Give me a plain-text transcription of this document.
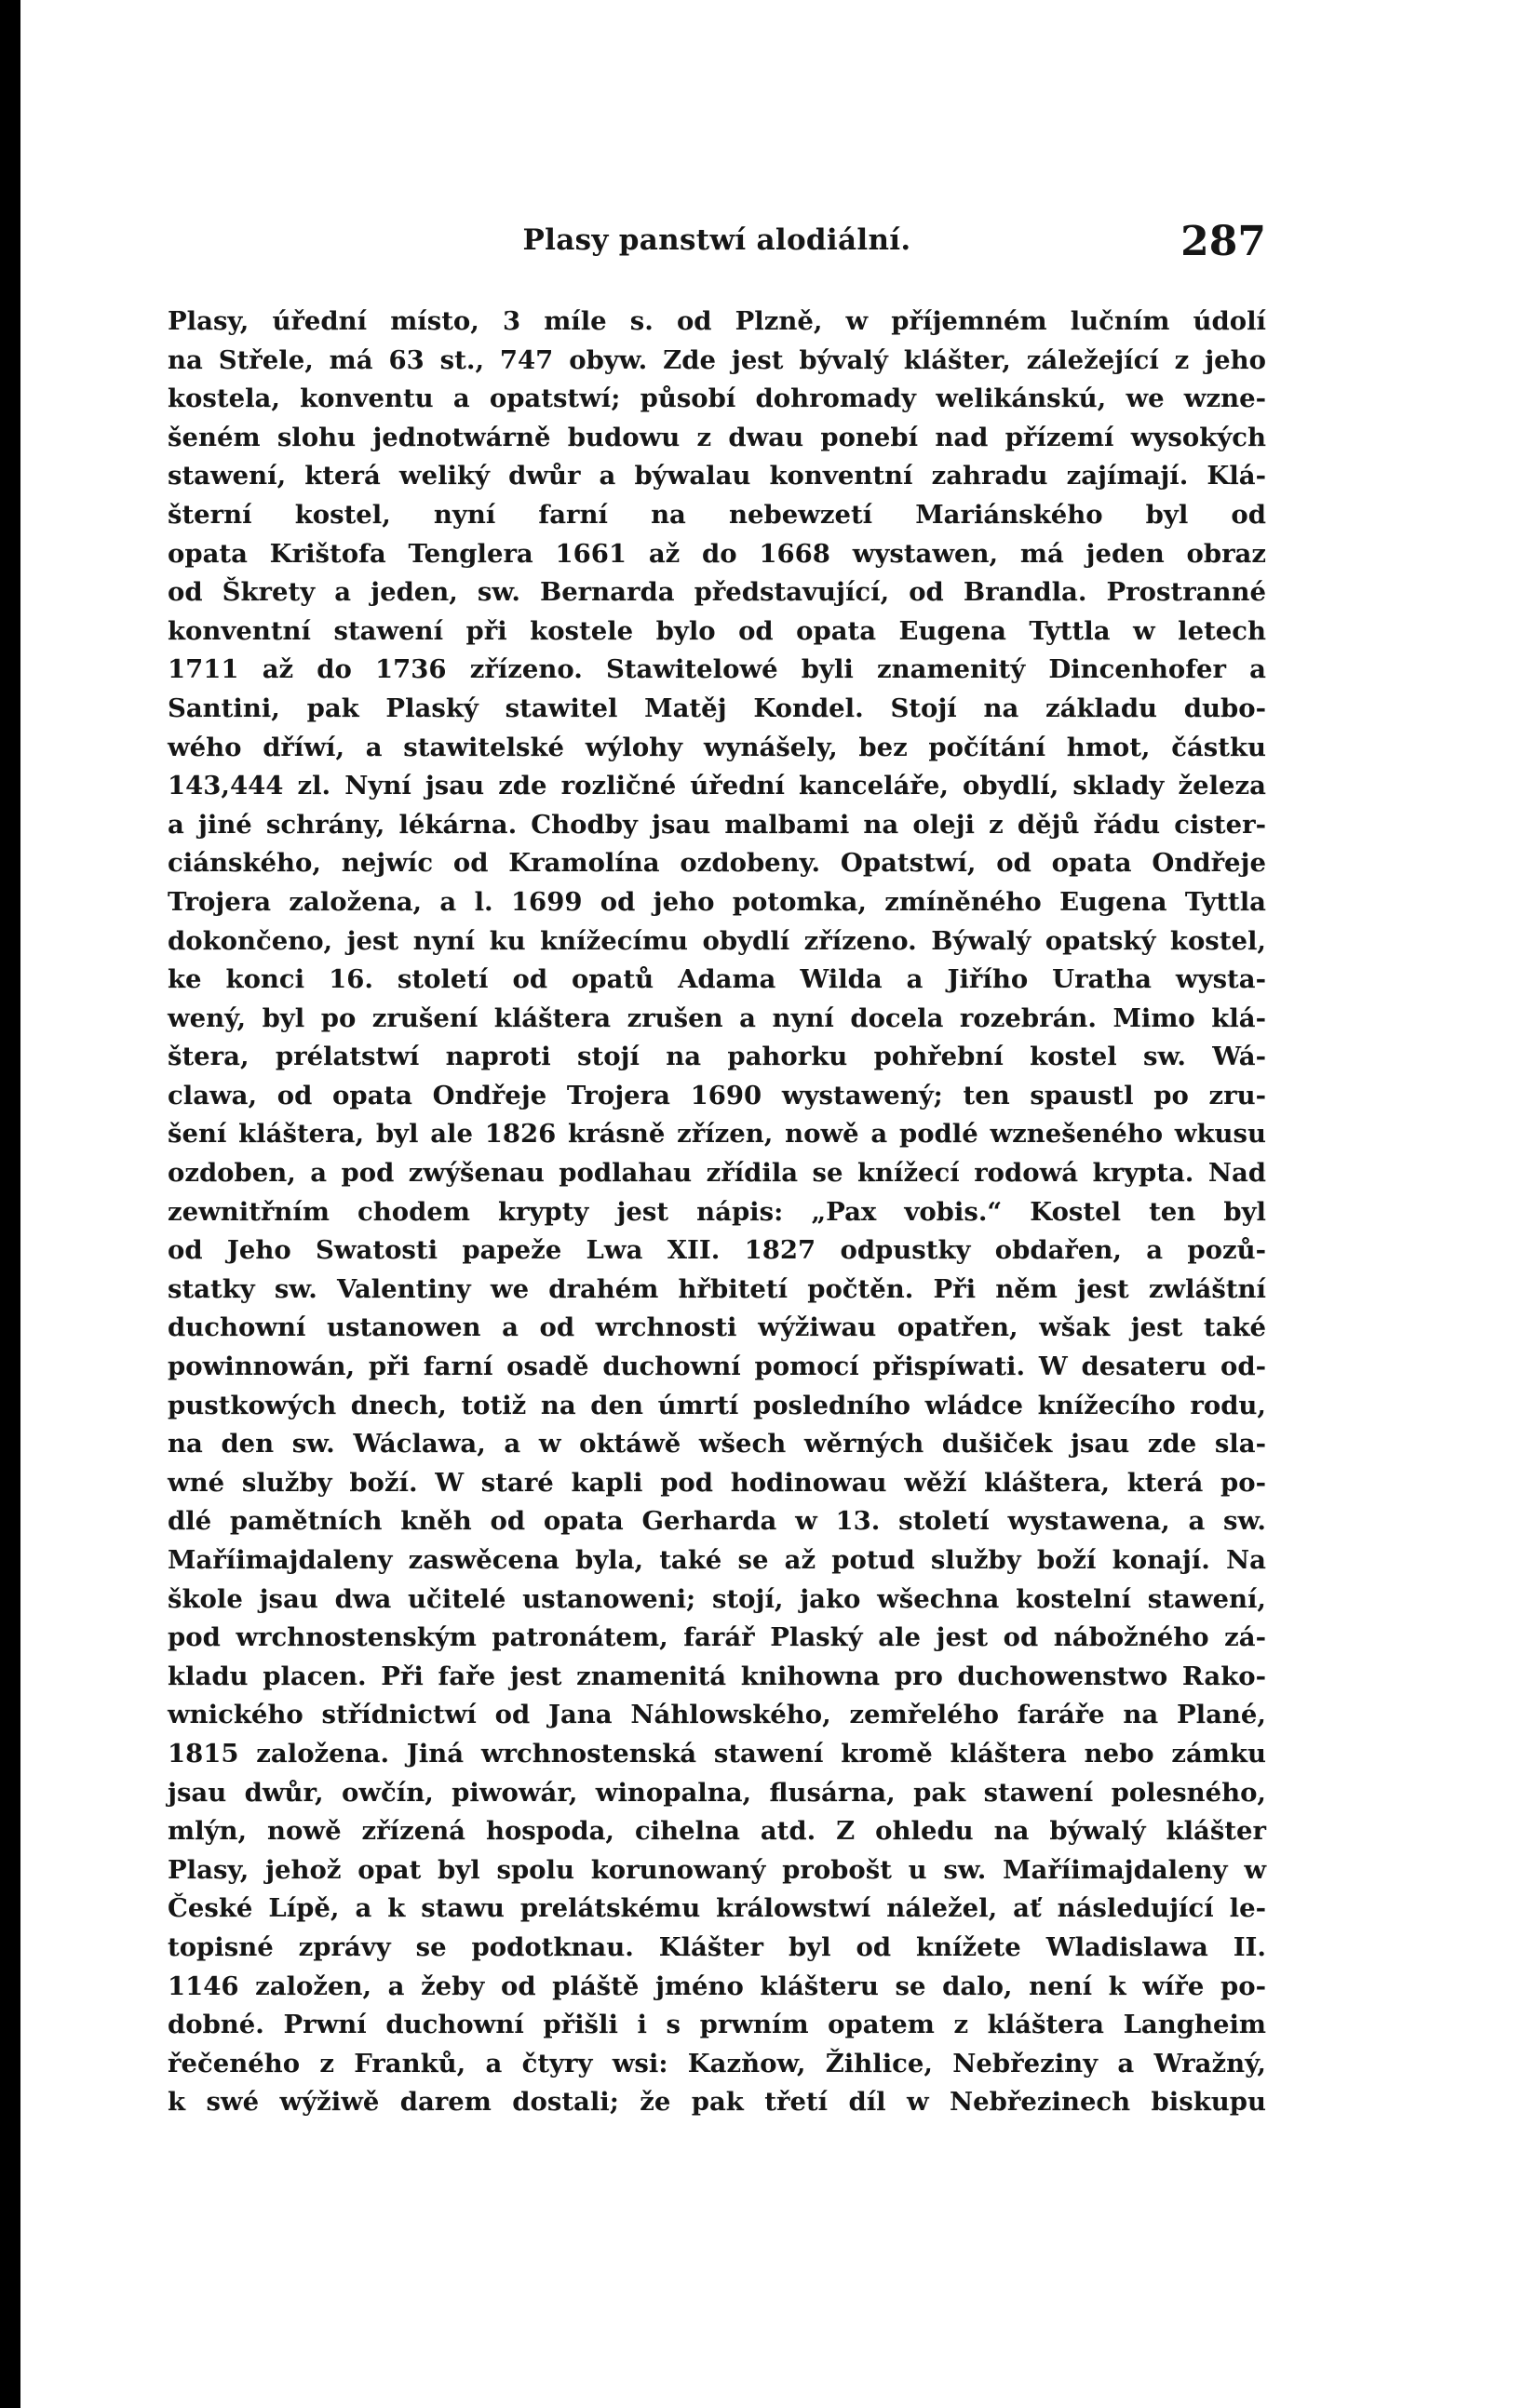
Plasy panstwí alodiální.	287
Plasy, úřední místo, 3 míle s. od Plzně, w příjemném lučním údolí
na Střele, má 63 st., 747 obyw. Zde jest bývalý klášter, záležející z jeho
kostela, konventu a opatstwí; působí dohromady welikánskú, we wzne-
šeném slohu jednotwárně budowu z dwau ponebí nad přízemí wysokých
stawení, která weliký dwůr a býwalau konventní zahradu zajímají. Klá-
šterní kostel, nyní farní na nebewzetí Mariánského byl od
opata Krištofa Tenglera 1661 až do 1668 wystawen, má jeden obraz
od Škrety a jeden, sw. Bernarda představující, od Brandla. Prostranné
konventní stawení při kostele bylo od opata Eugena Tyttla w letech
1711 až do 1736 zřízeno. Stawitelowé byli znamenitý Dincenhofer a
Santini, pak Plaský stawitel Matěj Kondel. Stojí na základu dubo-
wého dříwí, a stawitelské wýlohy wynášely, bez počítání hmot, částku
143,444 zl. Nyní jsau zde rozličné úřední kanceláře, obydlí, sklady železa
a jiné schrány, lékárna. Chodby jsau malbami na oleji z dějů řádu cister-
ciánského, nejwíc od Kramolína ozdobeny. Opatstwí, od opata Ondřeje
Trojera založena, a l. 1699 od jeho potomka, zmíněného Eugena Tyttla
dokončeno, jest nyní ku knížecímu obydlí zřízeno. Býwalý opatský kostel,
ke konci 16. století od opatů Adama Wilda a Jiřího Uratha wysta-
wený, byl po zrušení kláštera zrušen a nyní docela rozebrán. Mimo klá-
štera, prélatstwí naproti stojí na pahorku pohřební kostel sw. Wá-
clawa, od opata Ondřeje Trojera 1690 wystawený; ten spaustl po zru-
šení kláštera, byl ale 1826 krásně zřízen, nowě a podlé wznešeného wkusu
ozdoben, a pod zwýšenau podlahau zřídila se knížecí rodowá krypta. Nad
zewnitřním chodem krypty jest nápis: „Pax vobis.“ Kostel ten byl
od Jeho Swatosti papeže Lwa XII. 1827 odpustky obdařen, a pozů-
statky sw. Valentiny we drahém hřbitetí počtěn. Při něm jest zwláštní
duchowní ustanowen a od wrchnosti wýžiwau opatřen, wšak jest také
powinnowán, při farní osadě duchowní pomocí přispíwati. W desateru od-
pustkowých dnech, totiž na den úmrtí posledního wládce knížecího rodu,
na den sw. Wáclawa, a w oktáwě wšech wěrných dušiček jsau zde sla-
wné služby boží. W staré kapli pod hodinowau wěží kláštera, která po-
dlé pamětních kněh od opata Gerharda w 13. století wystawena, a sw.
Maříimajdaleny zaswěcena byla, také se až potud služby boží konají. Na
škole jsau dwa učitelé ustanoweni; stojí, jako wšechna kostelní stawení,
pod wrchnostenským patronátem, farář Plaský ale jest od nábožného zá-
kladu placen. Při faře jest znamenitá knihowna pro duchowenstwo Rako-
wnického střídnictwí od Jana Náhlowského, zemřelého faráře na Plané,
1815 založena. Jiná wrchnostenská stawení kromě kláštera nebo zámku
jsau dwůr, owčín, piwowár, winopalna, flusárna, pak stawení polesného,
mlýn, nowě zřízená hospoda, cihelna atd. Z ohledu na býwalý klášter
Plasy, jehož opat byl spolu korunowaný probošt u sw. Maříimajdaleny w
České Lípě, a k stawu prelátskému králowstwí náležel, ať následující le-
topisné zprávy se podotknau. Klášter byl od knížete Wladislawa II.
1146 založen, a žeby od pláště jméno klášteru se dalo, není k wíře po-
dobné. Prwní duchowní přišli i s prwním opatem z kláštera Langheim
řečeného z Franků, a čtyry wsi: Kazňow, Žihlice, Nebřeziny a Wražný,
k swé wýžiwě darem dostali; že pak třetí díl w Nebřezinech biskupu
